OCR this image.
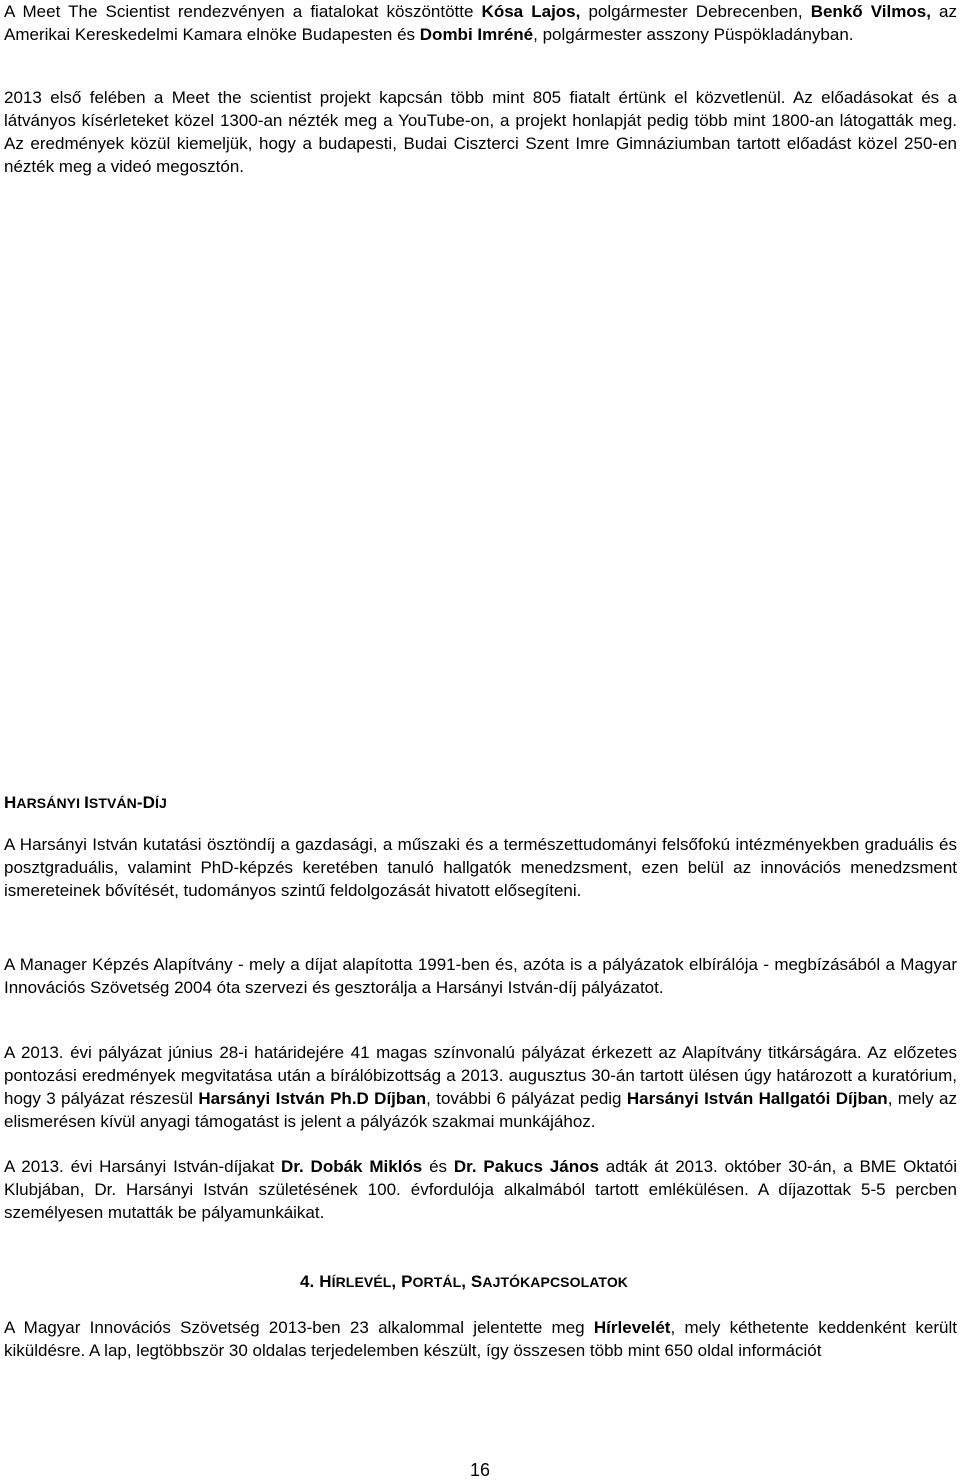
A Meet The Scientist rendezvényen a fiatalokat köszöntötte Kósa Lajos, polgármester Debrecenben, Benkő Vilmos, az Amerikai Kereskedelmi Kamara elnöke Budapesten és Dombi Imréné, polgármester asszony Püspökladányban.

2013 első felében a Meet the scientist projekt kapcsán több mint 805 fiatalt értünk el közvetlenül. Az előadásokat és a látványos kísérleteket közel 1300-an nézték meg a YouTube-on, a projekt honlapját pedig több mint 1800-an látogatták meg. Az eredmények közül kiemeljük, hogy a budapesti, Budai Ciszterci Szent Imre Gimnáziumban tartott előadást közel 250-en nézték meg a videó megosztón.

HARSÁNYI ISTVÁN-DÍJ

A Harsányi István kutatási ösztöndíj a gazdasági, a műszaki és a természettudományi felsőfokú intézményekben graduális és posztgraduális, valamint PhD-képzés keretében tanuló hallgatók menedzsment, ezen belül az innovációs menedzsment ismereteinek bővítését, tudományos szintű feldolgozását hivatott elősegíteni.

A Manager Képzés Alapítvány - mely a díjat alapította 1991-ben és, azóta is a pályázatok elbírálója - megbízásából a Magyar Innovációs Szövetség 2004 óta szervezi és gesztorálja a Harsányi István-díj pályázatot.

A 2013. évi pályázat június 28-i határidejére 41 magas színvonalú pályázat érkezett az Alapítvány titkárságára. Az előzetes pontozási eredmények megvitatása után a bírálóbizottság a 2013. augusztus 30-án tartott ülésen úgy határozott a kuratórium, hogy 3 pályázat részesül Harsányi István Ph.D Díjban, további 6 pályázat pedig Harsányi István Hallgatói Díjban, mely az elismerésen kívül anyagi támogatást is jelent a pályázók szakmai munkájához.

A 2013. évi Harsányi István-díjakat Dr. Dobák Miklós és Dr. Pakucs János adták át 2013. október 30-án, a BME Oktatói Klubjában, Dr. Harsányi István születésének 100. évfordulója alkalmából tartott emlékülésen. A díjazottak 5-5 percben személyesen mutatták be pályamunkáikat.

4. HÍRLEVÉL, PORTÁL, SAJTÓKAPCSOLATOK

A Magyar Innovációs Szövetség 2013-ben 23 alkalommal jelentette meg Hírlevelét, mely kéthetente keddenként került kiküldésre. A lap, legtöbbször 30 oldalas terjedelemben készült, így összesen több mint 650 oldal információt

16
